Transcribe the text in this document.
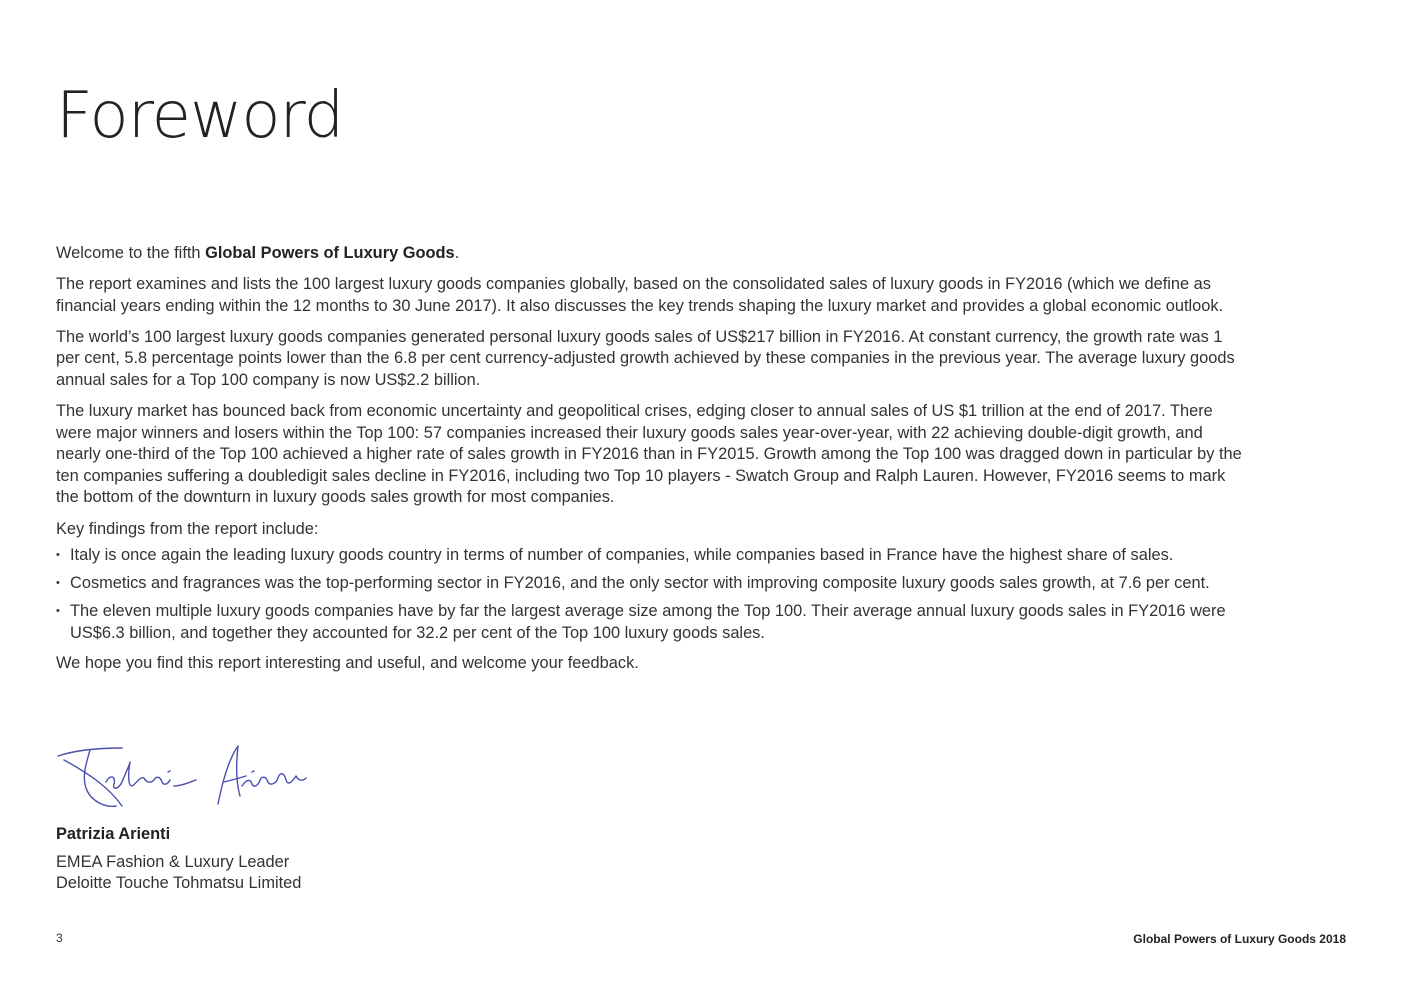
Foreword

Welcome to the fifth Global Powers of Luxury Goods.

The report examines and lists the 100 largest luxury goods companies globally, based on the consolidated sales of luxury goods in FY2016 (which we define as financial years ending within the 12 months to 30 June 2017). It also discusses the key trends shaping the luxury market and provides a global economic outlook.

The world’s 100 largest luxury goods companies generated personal luxury goods sales of US$217 billion in FY2016. At constant currency, the growth rate was 1 per cent, 5.8 percentage points lower than the 6.8 per cent currency-adjusted growth achieved by these companies in the previous year. The average luxury goods annual sales for a Top 100 company is now US$2.2 billion.

The luxury market has bounced back from economic uncertainty and geopolitical crises, edging closer to annual sales of US $1 trillion at the end of 2017. There were major winners and losers within the Top 100: 57 companies increased their luxury goods sales year-over-year, with 22 achieving double-digit growth, and nearly one-third of the Top 100 achieved a higher rate of sales growth in FY2016 than in FY2015. Growth among the Top 100 was dragged down in particular by the ten companies suffering a doubledigit sales decline in FY2016, including two Top 10 players - Swatch Group and Ralph Lauren. However, FY2016 seems to mark the bottom of the downturn in luxury goods sales growth for most companies.

Key findings from the report include:

• Italy is once again the leading luxury goods country in terms of number of companies, while companies based in France have the highest share of sales.
• Cosmetics and fragrances was the top-performing sector in FY2016, and the only sector with improving composite luxury goods sales growth, at 7.6 per cent.
• The eleven multiple luxury goods companies have by far the largest average size among the Top 100. Their average annual luxury goods sales in FY2016 were US$6.3 billion, and together they accounted for 32.2 per cent of the Top 100 luxury goods sales.

We hope you find this report interesting and useful, and welcome your feedback.

Patrizia Arienti
EMEA Fashion & Luxury Leader
Deloitte Touche Tohmatsu Limited
3	Global Powers of Luxury Goods 2018
